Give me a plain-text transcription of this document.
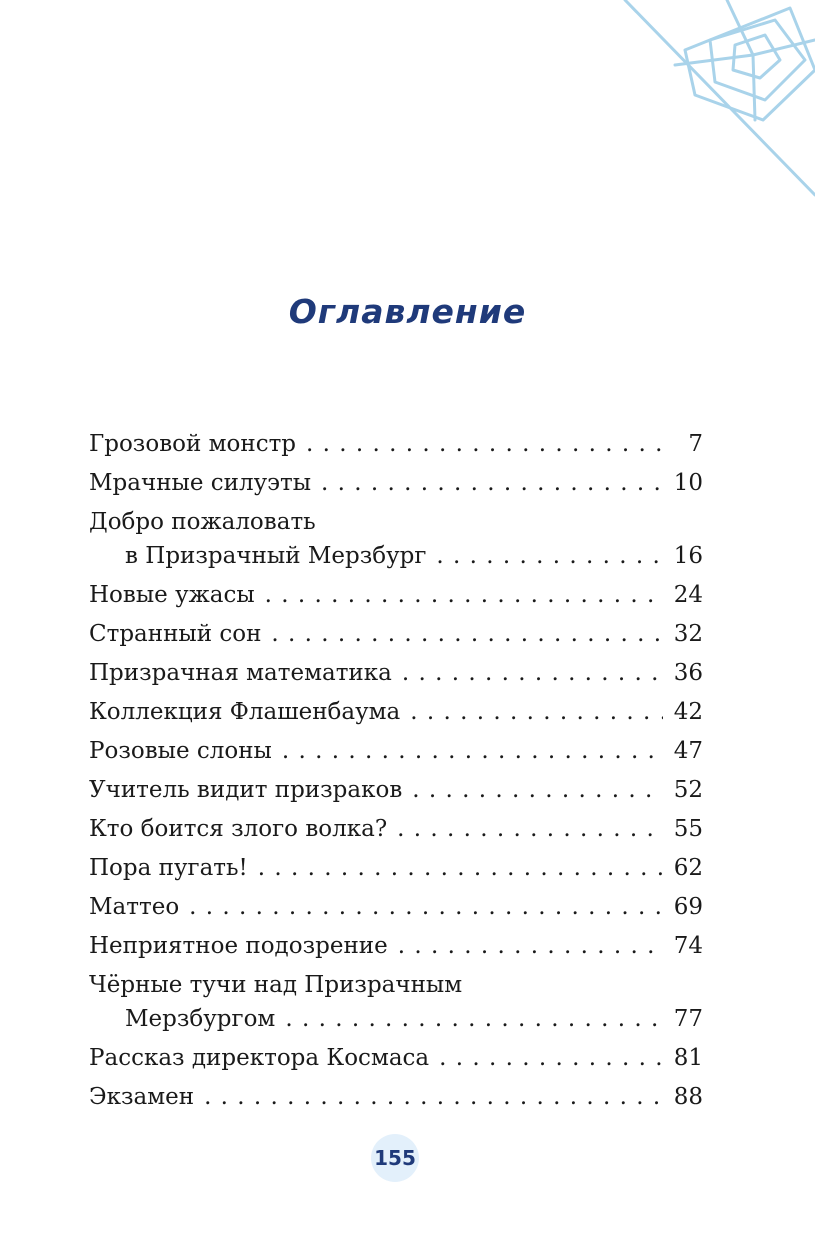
Оглавление
Грозовой монстр . . .	7
Мрачные силуэты . . .	10
Добро пожаловать
в Призрачный Мерзбург . . .	16
Новые ужасы . . .	24
Странный сон . . .	32
Призрачная математика . . .	36
Коллекция Флашенбаума . . .	42
Розовые слоны . . .	47
Учитель видит призраков . . .	52
Кто боится злого волка? . . .	55
Пора пугать! . . .	62
Маттео . . .	69
Неприятное подозрение . . .	74
Чёрные тучи над Призрачным
Мерзбургом . . .	77
Рассказ директора Космаса . . .	81
Экзамен . . .	88
155
